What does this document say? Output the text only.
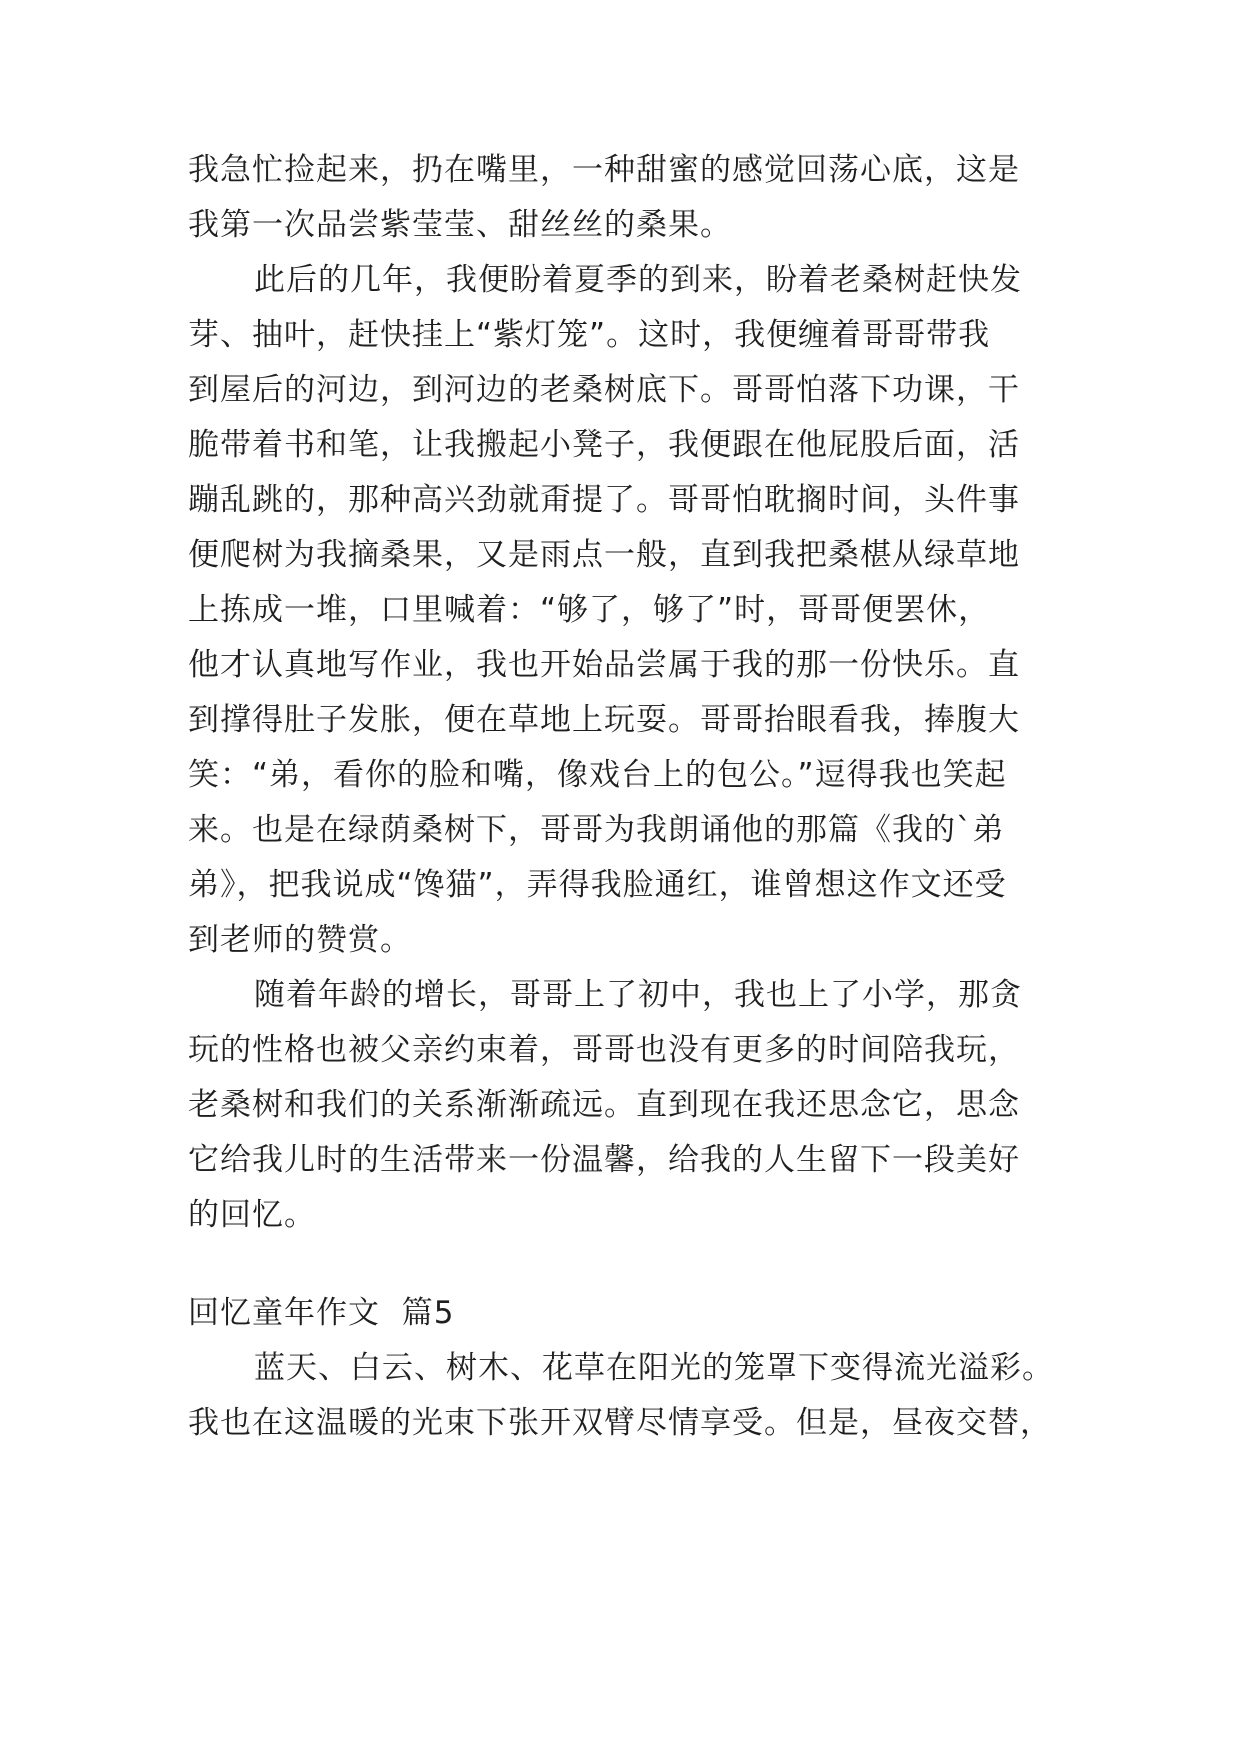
我急忙捡起来，扔在嘴里，一种甜蜜的感觉回荡心底，这是
我第一次品尝紫莹莹、甜丝丝的桑果。
此后的几年，我便盼着夏季的到来，盼着老桑树赶快发
芽、抽叶，赶快挂上“紫灯笼”。这时，我便缠着哥哥带我
到屋后的河边，到河边的老桑树底下。哥哥怕落下功课，干
脆带着书和笔，让我搬起小凳子，我便跟在他屁股后面，活
蹦乱跳的，那种高兴劲就甭提了。哥哥怕耽搁时间，头件事
便爬树为我摘桑果，又是雨点一般，直到我把桑椹从绿草地
上拣成一堆，口里喊着：“够了，够了”时，哥哥便罢休，
他才认真地写作业，我也开始品尝属于我的那一份快乐。直
到撑得肚子发胀，便在草地上玩耍。哥哥抬眼看我，捧腹大
笑：“弟，看你的脸和嘴，像戏台上的包公。”逗得我也笑起
来。也是在绿荫桑树下，哥哥为我朗诵他的那篇《我的`弟
弟》，把我说成“馋猫”，弄得我脸通红，谁曾想这作文还受
到老师的赞赏。
随着年龄的增长，哥哥上了初中，我也上了小学，那贪
玩的性格也被父亲约束着，哥哥也没有更多的时间陪我玩，
老桑树和我们的关系渐渐疏远。直到现在我还思念它，思念
它给我儿时的生活带来一份温馨，给我的人生留下一段美好
的回忆。
回忆童年作文  篇5
蓝天、白云、树木、花草在阳光的笼罩下变得流光溢彩。
我也在这温暖的光束下张开双臂尽情享受。但是，昼夜交替，
